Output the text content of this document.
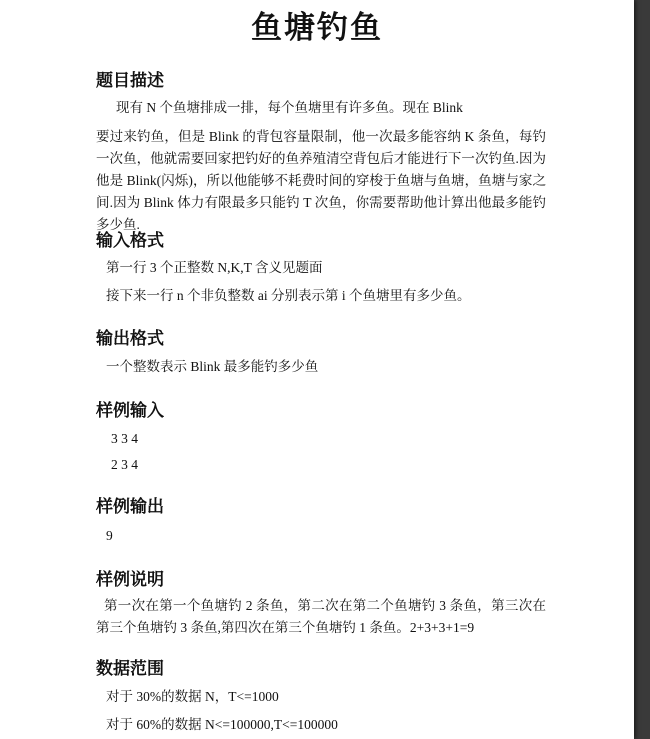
鱼塘钓鱼
题目描述
现有 N 个鱼塘排成一排，每个鱼塘里有许多鱼。现在 Blink
要过来钓鱼，但是 Blink 的背包容量限制，他一次最多能容纳 K 条鱼，每钓一次鱼，他就需要回家把钓好的鱼养殖清空背包后才能进行下一次钓鱼.因为他是 Blink(闪烁)，所以他能够不耗费时间的穿梭于鱼塘与鱼塘，鱼塘与家之间.因为 Blink 体力有限最多只能钓 T 次鱼，你需要帮助他计算出他最多能钓多少鱼.
输入格式
第一行 3 个正整数 N,K,T 含义见题面
接下来一行 n 个非负整数 ai 分别表示第 i 个鱼塘里有多少鱼。
输出格式
一个整数表示 Blink 最多能钓多少鱼
样例输入
3 3 4
2 3 4
样例输出
9
样例说明
第一次在第一个鱼塘钓 2 条鱼，第二次在第二个鱼塘钓 3 条鱼，第三次在第三个鱼塘钓 3 条鱼,第四次在第三个鱼塘钓 1 条鱼。2+3+3+1=9
数据范围
对于 30%的数据 N，T<=1000
对于 60%的数据 N<=100000,T<=100000
